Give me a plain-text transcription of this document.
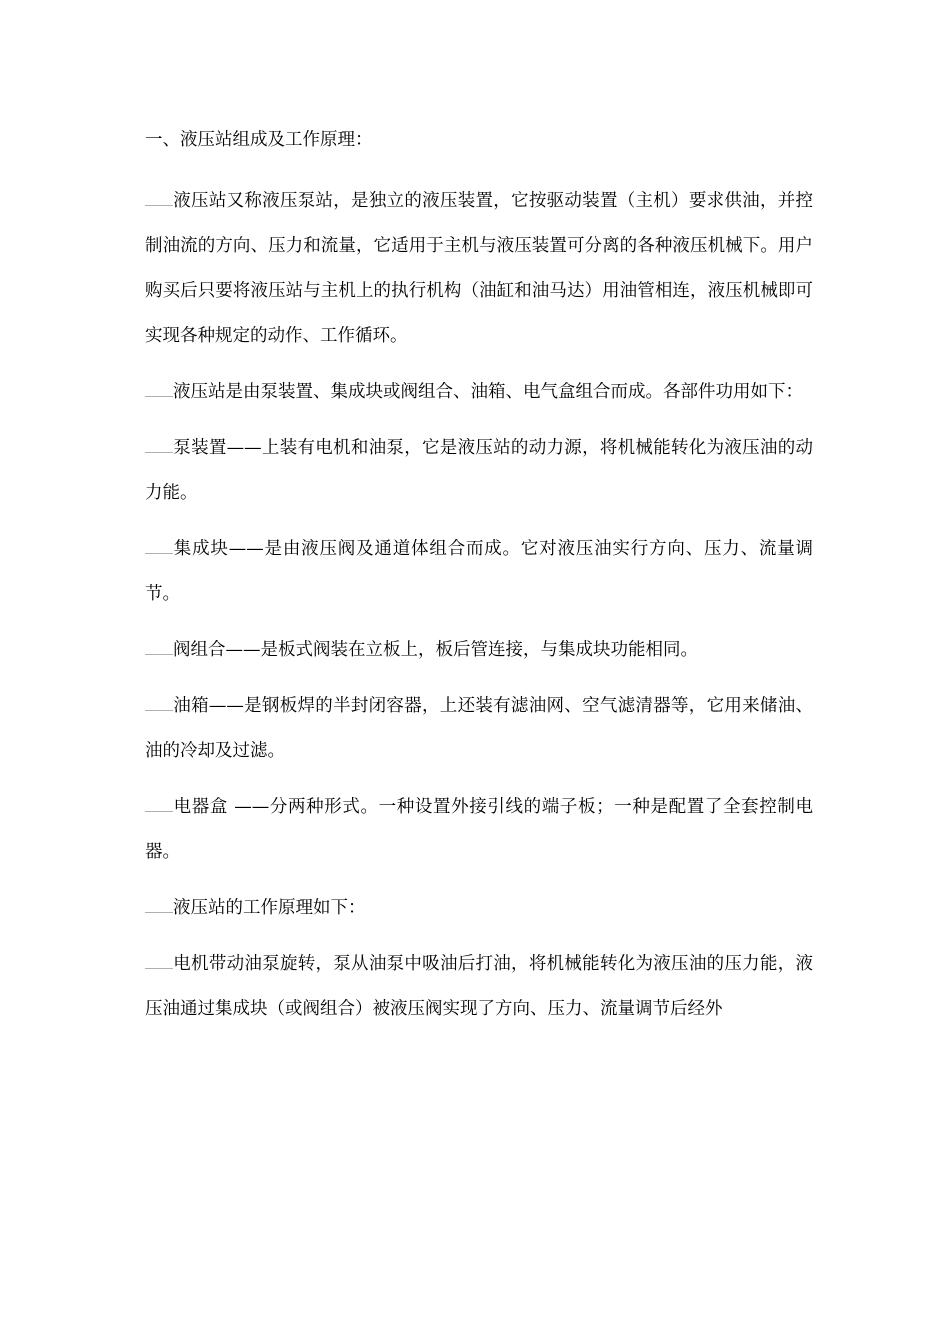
一、液压站组成及工作原理：

液压站又称液压泵站，是独立的液压装置，它按驱动装置（主机）要求供油，并控制油流的方向、压力和流量，它适用于主机与液压装置可分离的各种液压机械下。用户购买后只要将液压站与主机上的执行机构（油缸和油马达）用油管相连，液压机械即可实现各种规定的动作、工作循环。

液压站是由泵装置、集成块或阀组合、油箱、电气盒组合而成。各部件功用如下：

泵装置——上装有电机和油泵，它是液压站的动力源，将机械能转化为液压油的动力能。

集成块——是由液压阀及通道体组合而成。它对液压油实行方向、压力、流量调节。

阀组合——是板式阀装在立板上，板后管连接，与集成块功能相同。

油箱——是钢板焊的半封闭容器，上还装有滤油网、空气滤清器等，它用来储油、油的冷却及过滤。

电器盒 ——分两种形式。一种设置外接引线的端子板；一种是配置了全套控制电器。

液压站的工作原理如下：

电机带动油泵旋转，泵从油泵中吸油后打油，将机械能转化为液压油的压力能，液压油通过集成块（或阀组合）被液压阀实现了方向、压力、流量调节后经外
